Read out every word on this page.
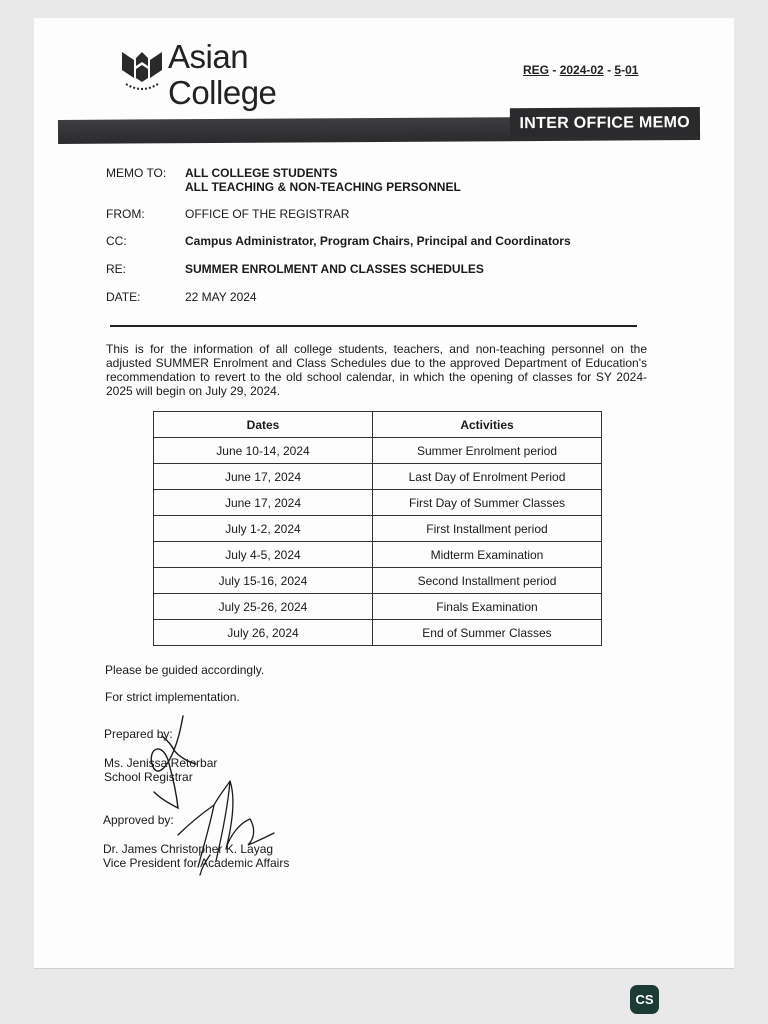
Asian
College
REG - 2024-02 - 5-01
INTER OFFICE MEMO
MEMO TO:	ALL COLLEGE STUDENTS
ALL TEACHING & NON-TEACHING PERSONNEL
FROM:	OFFICE OF THE REGISTRAR
CC:	Campus Administrator, Program Chairs, Principal and Coordinators
RE:	SUMMER ENROLMENT AND CLASSES SCHEDULES
DATE:	22 MAY 2024
This is for the information of all college students, teachers, and non-teaching personnel on the adjusted SUMMER Enrolment and Class Schedules due to the approved Department of Education's recommendation to revert to the old school calendar, in which the opening of classes for SY 2024-2025 will begin on July 29, 2024.
Dates	Activities
June 10-14, 2024	Summer Enrolment period
June 17, 2024	Last Day of Enrolment Period
June 17, 2024	First Day of Summer Classes
July 1-2, 2024	First Installment period
July 4-5, 2024	Midterm Examination
July 15-16, 2024	Second Installment period
July 25-26, 2024	Finals Examination
July 26, 2024	End of Summer Classes
Please be guided accordingly.
For strict implementation.
Prepared by:
Ms. Jenissa Retorbar
School Registrar
Approved by:
Dr. James Christopher K. Layag
Vice President for Academic Affairs
CS
